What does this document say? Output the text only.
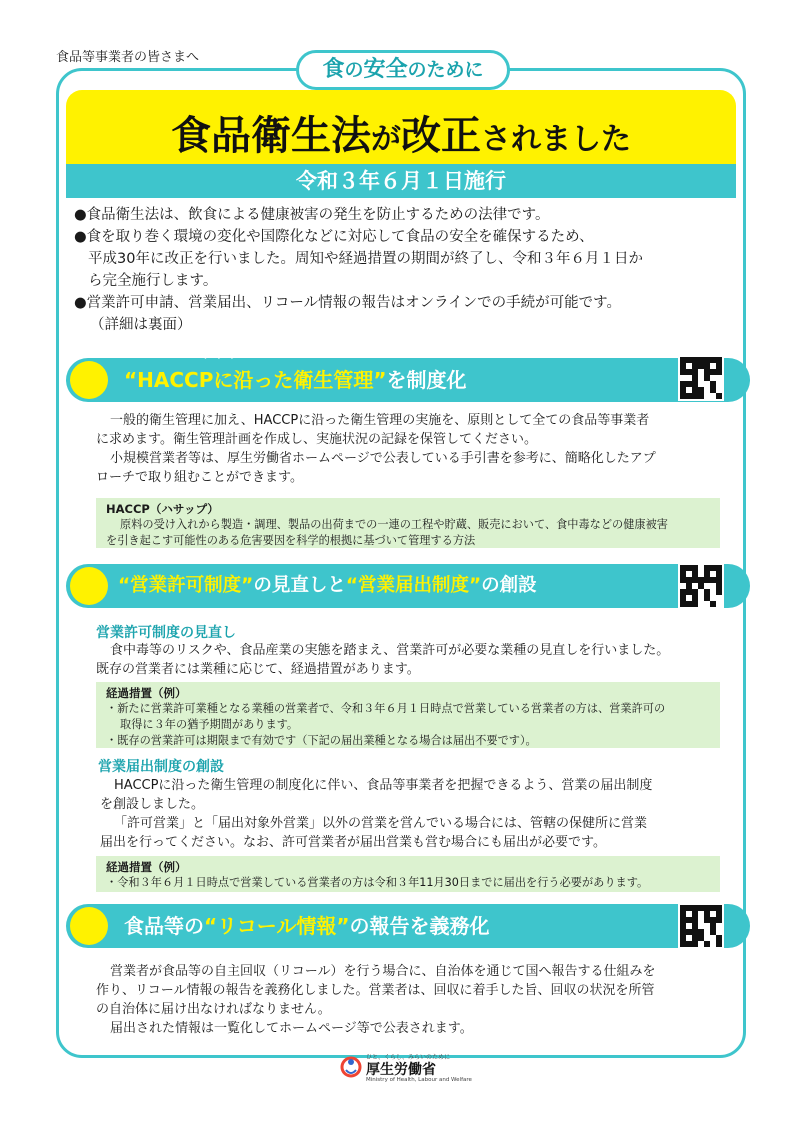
食品等事業者の皆さまへ	食の安全のために
食品衛生法が改正されました
令和３年６月１日施行

●食品衛生法は、飲食による健康被害の発生を防止するための法律です。

●食を取り巻く環境の変化や国際化などに対応して食品の安全を確保するため、

平成30年に改正を行いました。周知や経過措置の期間が終了し、令和３年６月１日か

ら完全施行します。

●営業許可申請、営業届出、リコール情報の報告はオンラインでの手続が可能です。

（詳細は裏面）

ハサップ
“HACCPに沿った衛生管理”を制度化

一般的衛生管理に加え、HACCPに沿った衛生管理の実施を、原則として全ての食品等事業者

に求めます。衛生管理計画を作成し、実施状況の記録を保管してください。

小規模営業者等は、厚生労働省ホームページで公表している手引書を参考に、簡略化したアプ

ローチで取り組むことができます。

HACCP（ハサップ）
原料の受け入れから製造・調理、製品の出荷までの一連の工程や貯蔵、販売において、食中毒などの健康被害
を引き起こす可能性のある危害要因を科学的根拠に基づいて管理する方法
“営業許可制度”の見直しと“営業届出制度”の創設
営業許可制度の見直し

食中毒等のリスクや、食品産業の実態を踏まえ、営業許可が必要な業種の見直しを行いました。

既存の営業者には業種に応じて、経過措置があります。

経過措置（例）
・新たに営業許可業種となる業種の営業者で、令和３年６月１日時点で営業している営業者の方は、営業許可の
取得に３年の猶予期間があります。
・既存の営業許可は期限まで有効です（下記の届出業種となる場合は届出不要です）。
営業届出制度の創設

HACCPに沿った衛生管理の制度化に伴い、食品等事業者を把握できるよう、営業の届出制度

を創設しました。

「許可営業」と「届出対象外営業」以外の営業を営んでいる場合には、管轄の保健所に営業

届出を行ってください。なお、許可営業者が届出営業も営む場合にも届出が必要です。

経過措置（例）
・令和３年６月１日時点で営業している営業者の方は令和３年11月30日までに届出を行う必要があります。
食品等の“リコール情報”の報告を義務化

営業者が食品等の自主回収（リコール）を行う場合に、自治体を通じて国へ報告する仕組みを

作り、リコール情報の報告を義務化しました。営業者は、回収に着手した旨、回収の状況を所管

の自治体に届け出なければなりません。

届出された情報は一覧化してホームページ等で公表されます。

ひと、くらし、みらいのために
厚生労働省
Ministry of Health, Labour and Welfare
